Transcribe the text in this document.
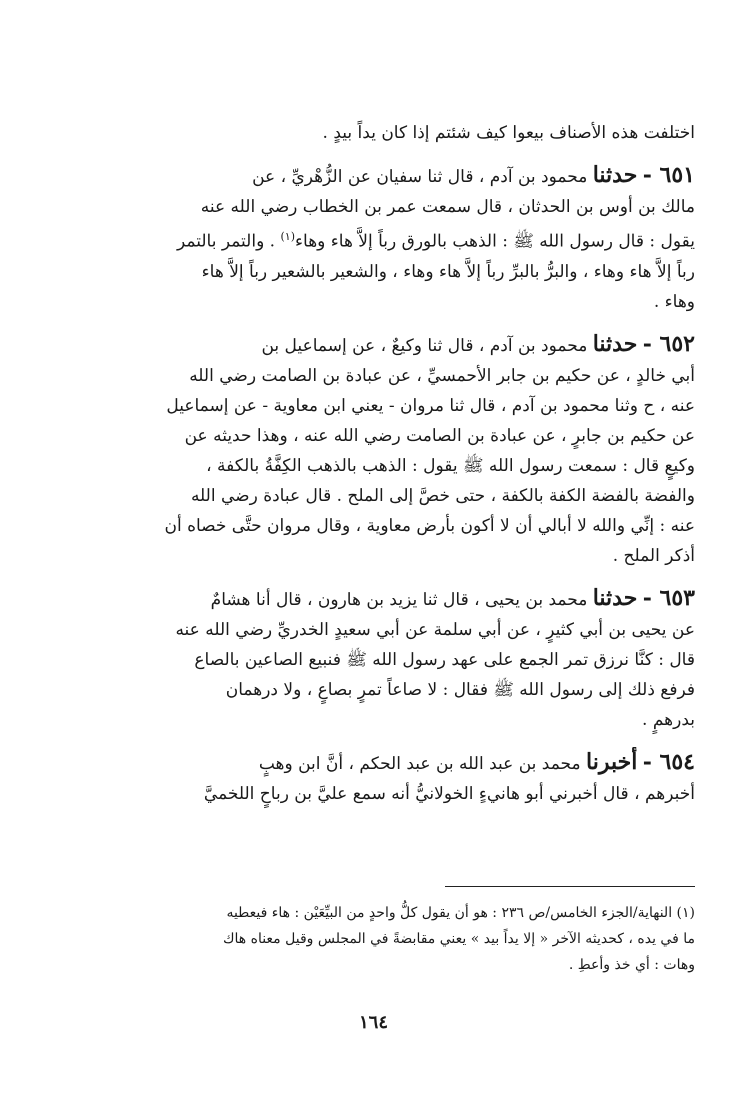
اختلفت هذه الأصناف بيعوا كيف شئتم إذا كان يداً بيدٍ .
٦٥١ - حدثنا محمود بن آدم ، قال ثنا سفيان عن الزُّهْريِّ ، عن
مالك بن أوس بن الحدثان ، قال سمعت عمر بن الخطاب رضي الله عنه
يقول : قال رسول الله ﷺ : الذهب بالورق رباً إلاَّ هاء وهاء$^{(١)}$ . والتمر بالتمر
رباً إلاَّ هاء وهاء ، والبرُّ بالبرِّ رباً إلاَّ هاء وهاء ، والشعير بالشعير رباً إلاَّ هاء
وهاء .
٦٥٢ - حدثنا محمود بن آدم ، قال ثنا وكيعٌ ، عن إسماعيل بن
أبي خالدٍ ، عن حكيم بن جابر الأحمسيِّ ، عن عبادة بن الصامت رضي الله
عنه ، ح وثنا محمود بن آدم ، قال ثنا مروان - يعني ابن معاوية - عن إسماعيل
عن حكيم بن جابرٍ ، عن عبادة بن الصامت رضي الله عنه ، وهذا حديثه عن
وكيعٍ قال : سمعت رسول الله ﷺ يقول : الذهب بالذهب الكِفَّةُ بالكفة ،
والفضة بالفضة الكفة بالكفة ، حتى خصَّ إلى الملح . قال عبادة رضي الله
عنه : إنِّي والله لا أبالي أن لا أكون بأرض معاوية ، وقال مروان حتَّى خصاه أن
أذكر الملح .
٦٥٣ - حدثنا محمد بن يحيى ، قال ثنا يزيد بن هارون ، قال أنا هشامٌ
عن يحيى بن أبي كثيرٍ ، عن أبي سلمة عن أبي سعيدٍ الخدريِّ رضي الله عنه
قال : كنَّا نرزق تمر الجمع على عهد رسول الله ﷺ فنبيع الصاعين بالصاع
فرفع ذلك إلى رسول الله ﷺ فقال : لا صاعاً تمرٍ بصاعٍ ، ولا درهمان
بدرهمٍ .
٦٥٤ - أخبرنا محمد بن عبد الله بن عبد الحكم ، أنَّ ابن وهبٍ
أخبرهم ، قال أخبرني أبو هانيءٍ الخولانيُّ أنه سمع عليَّ بن رباحٍ اللخميَّ
(١) النهاية/الجزء الخامس/ص ٢٣٦ : هو أن يقول كلُّ واحدٍ من البيِّعَيْن : هاء فيعطيه
ما في يده ، كحديثه الآخر « إلا يداً بيد » يعني مقابضةً في المجلس وقيل معناه هاك
وهات : أي خذ وأعطِ .
١٦٤
